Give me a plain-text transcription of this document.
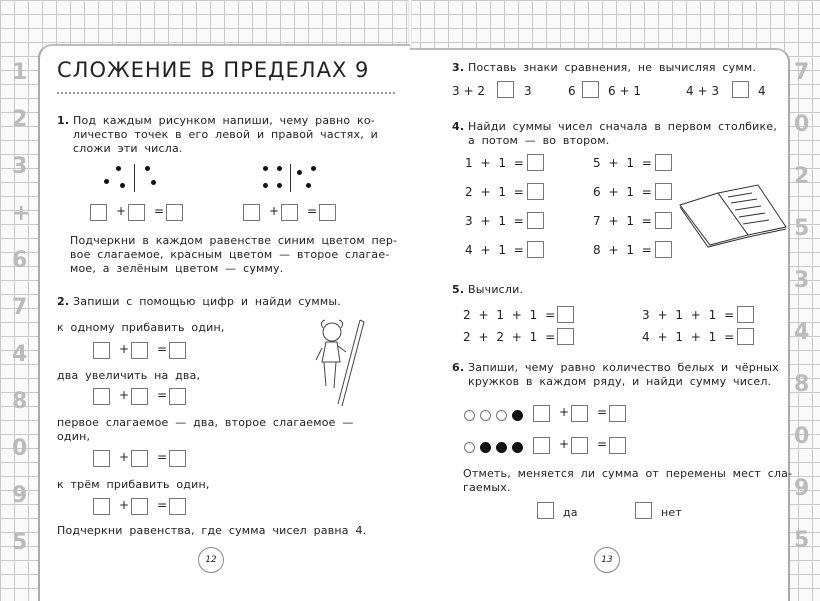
СЛОЖЕНИЕ В ПРЕДЕЛАХ 9
1. Под каждым рисунком напиши, чему равно ко-
личество точек в его левой и правой частях, и
сложи эти числа.
Подчеркни в каждом равенстве синим цветом пер-
вое слагаемое, красным цветом — второе слагае-
мое, а зелёным цветом — сумму.
2. Запиши с помощью цифр и найди суммы.
к одному прибавить один,
два увеличить на два,
первое слагаемое — два, второе слагаемое —
один,
к трём прибавить один,
Подчеркни равенства, где сумма чисел равна 4.
12
3. Поставь знаки сравнения, не вычисляя сумм.
3 + 2	3	6	6 + 1	4 + 3	4
4. Найди суммы чисел сначала в первом столбике,
а потом — во втором.
5. Вычисли.
6. Запиши, чему равно количество белых и чёрных
кружков в каждом ряду, и найди сумму чисел.
Отметь, меняется ли сумма от перемены мест сла-
гаемых.
да	нет
13
+ =	+ =
+ =
+ =
+ =
+ =
1 + 1 =
2 + 1 =
3 + 1 =
4 + 1 =
5 + 1 =
6 + 1 =
7 + 1 =
8 + 1 =
2 + 1 + 1 =	3 + 1 + 1 =
2 + 2 + 1 =	4 + 1 + 1 =
+ =
+ =
1
2
3
+
6
7
4
8
0
9
5
7
0
2
5
3
4
8
0
9
5
